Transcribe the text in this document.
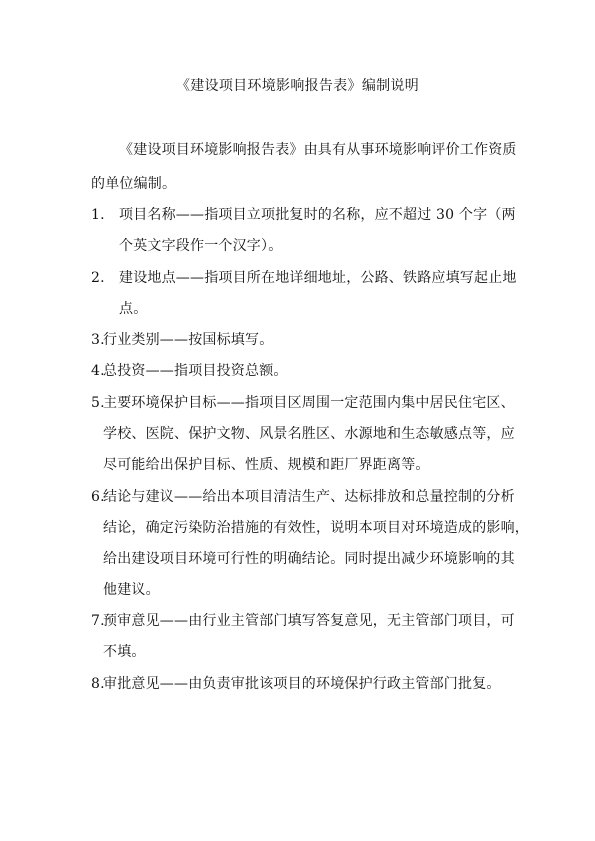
《建设项目环境影响报告表》编制说明
《建设项目环境影响报告表》由具有从事环境影响评价工作资质
的单位编制。
1. 项目名称——指项目立项批复时的名称，应不超过 30 个字（两
个英文字段作一个汉字）。
2. 建设地点——指项目所在地详细地址，公路、铁路应填写起止地
点。
3.行业类别——按国标填写。
4.总投资——指项目投资总额。
5.主要环境保护目标——指项目区周围一定范围内集中居民住宅区、
学校、医院、保护文物、风景名胜区、水源地和生态敏感点等，应
尽可能给出保护目标、性质、规模和距厂界距离等。
6.结论与建议——给出本项目清洁生产、达标排放和总量控制的分析
结论，确定污染防治措施的有效性，说明本项目对环境造成的影响，
给出建设项目环境可行性的明确结论。同时提出减少环境影响的其
他建议。
7.预审意见——由行业主管部门填写答复意见，无主管部门项目，可
不填。
8.审批意见——由负责审批该项目的环境保护行政主管部门批复。
